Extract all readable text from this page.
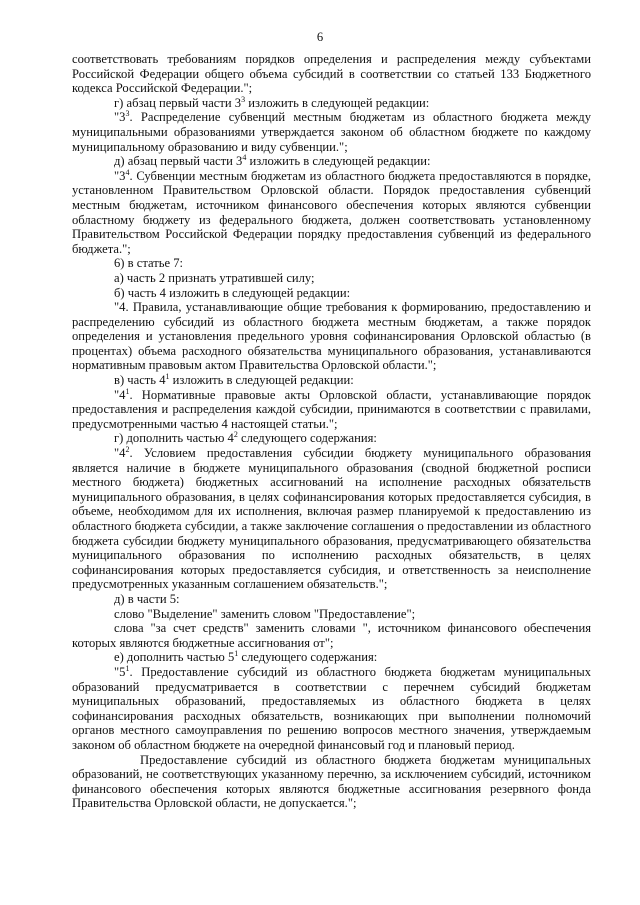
6

соответствовать требованиям порядков определения и распределения между субъектами Российской Федерации общего объема субсидий в соответствии со статьей 133 Бюджетного кодекса Российской Федерации.";

г) абзац первый части $3^3$ изложить в следующей редакции:

"$3^3$. Распределение субвенций местным бюджетам из областного бюджета между муниципальными образованиями утверждается законом об областном бюджете по каждому муниципальному образованию и виду субвенции.";

д) абзац первый части $3^4$ изложить в следующей редакции:

"$3^4$. Субвенции местным бюджетам из областного бюджета предоставляются в порядке, установленном Правительством Орловской области. Порядок предоставления субвенций местным бюджетам, источником финансового обеспечения которых являются субвенции областному бюджету из федерального бюджета, должен соответствовать установленному Правительством Российской Федерации порядку предоставления субвенций из федерального бюджета.";

6) в статье 7:

а) часть 2 признать утратившей силу;

б) часть 4 изложить в следующей редакции:

"4. Правила, устанавливающие общие требования к формированию, предоставлению и распределению субсидий из областного бюджета местным бюджетам, а также порядок определения и установления предельного уровня софинансирования Орловской областью (в процентах) объема расходного обязательства муниципального образования, устанавливаются нормативным правовым актом Правительства Орловской области.";

в) часть $4^1$ изложить в следующей редакции:

"$4^1$. Нормативные правовые акты Орловской области, устанавливающие порядок предоставления и распределения каждой субсидии, принимаются в соответствии с правилами, предусмотренными частью 4 настоящей статьи.";

г) дополнить частью $4^2$ следующего содержания:

"$4^2$. Условием предоставления субсидии бюджету муниципального образования является наличие в бюджете муниципального образования (сводной бюджетной росписи местного бюджета) бюджетных ассигнований на исполнение расходных обязательств муниципального образования, в целях софинансирования которых предоставляется субсидия, в объеме, необходимом для их исполнения, включая размер планируемой к предоставлению из областного бюджета субсидии, а также заключение соглашения о предоставлении из областного бюджета субсидии бюджету муниципального образования, предусматривающего обязательства муниципального образования по исполнению расходных обязательств, в целях софинансирования которых предоставляется субсидия, и ответственность за неисполнение предусмотренных указанным соглашением обязательств.";

д) в части 5:

слово "Выделение" заменить словом "Предоставление";

слова "за счет средств" заменить словами ", источником финансового обеспечения которых являются бюджетные ассигнования от";

е) дополнить частью $5^1$ следующего содержания:

"$5^1$. Предоставление субсидий из областного бюджета бюджетам муниципальных образований предусматривается в соответствии с перечнем субсидий бюджетам муниципальных образований, предоставляемых из областного бюджета в целях софинансирования расходных обязательств, возникающих при выполнении полномочий органов местного самоуправления по решению вопросов местного значения, утверждаемым законом об областном бюджете на очередной финансовый год и плановый период.

Предоставление субсидий из областного бюджета бюджетам муниципальных образований, не соответствующих указанному перечню, за исключением субсидий, источником финансового обеспечения которых являются бюджетные ассигнования резервного фонда Правительства Орловской области, не допускается.";
